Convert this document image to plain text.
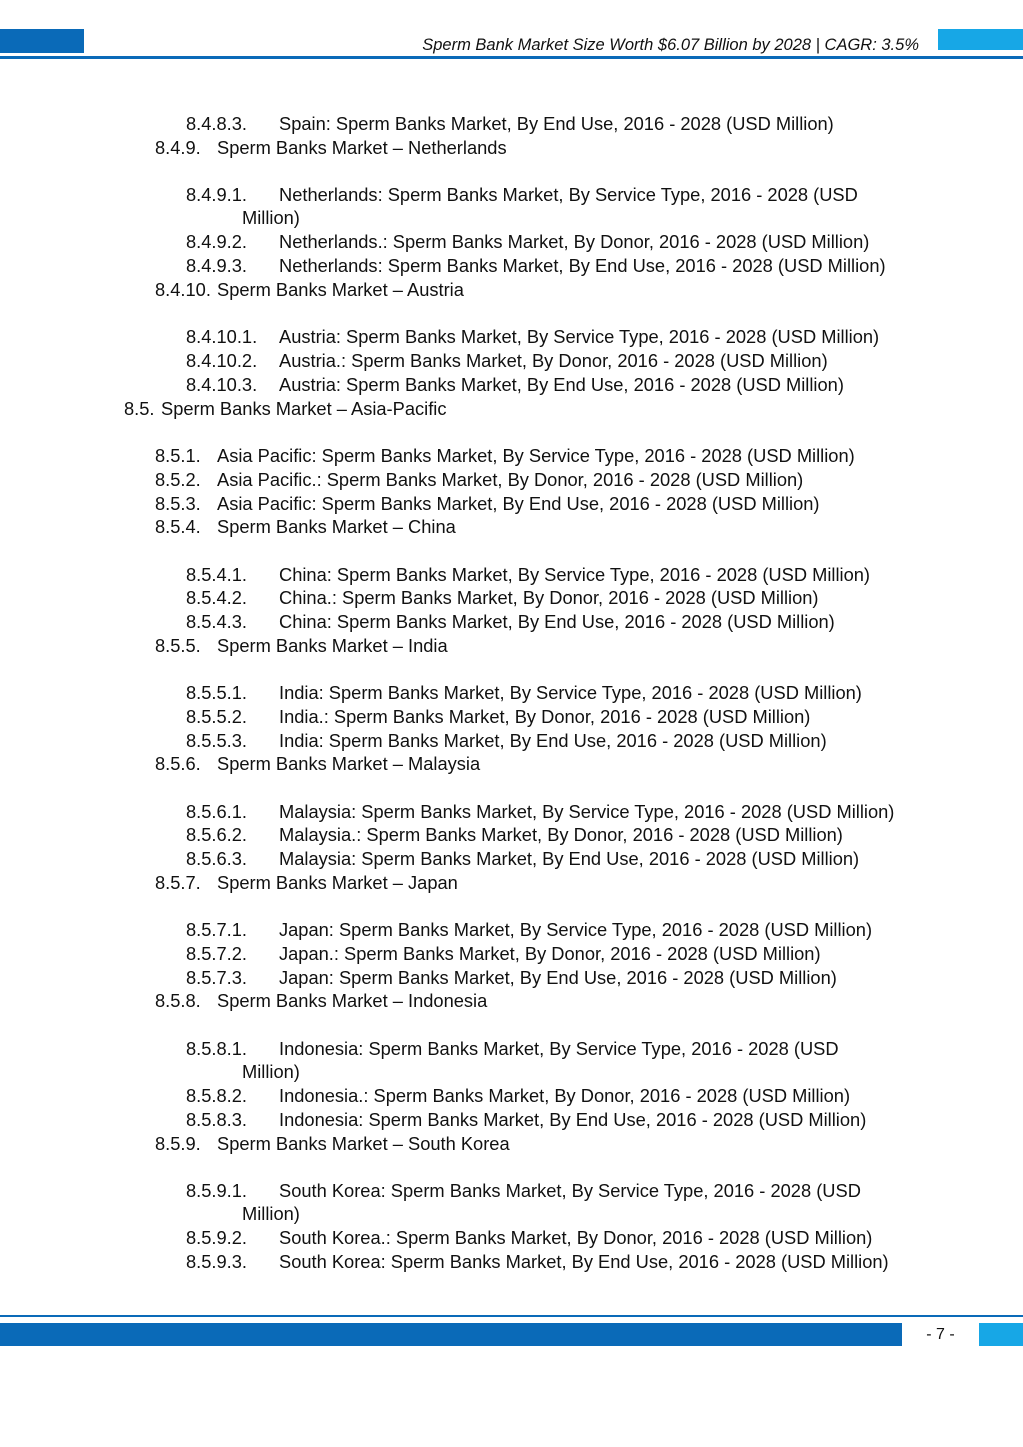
Sperm Bank Market Size Worth $6.07 Billion by 2028 | CAGR: 3.5%
8.4.8.3. Spain: Sperm Banks Market, By End Use, 2016 - 2028 (USD Million)
8.4.9. Sperm Banks Market – Netherlands
8.4.9.1. Netherlands: Sperm Banks Market, By Service Type, 2016 - 2028 (USD
Million)
8.4.9.2. Netherlands.: Sperm Banks Market, By Donor, 2016 - 2028 (USD Million)
8.4.9.3. Netherlands: Sperm Banks Market, By End Use, 2016 - 2028 (USD Million)
8.4.10. Sperm Banks Market – Austria
8.4.10.1. Austria: Sperm Banks Market, By Service Type, 2016 - 2028 (USD Million)
8.4.10.2. Austria.: Sperm Banks Market, By Donor, 2016 - 2028 (USD Million)
8.4.10.3. Austria: Sperm Banks Market, By End Use, 2016 - 2028 (USD Million)
8.5. Sperm Banks Market – Asia-Pacific
8.5.1. Asia Pacific: Sperm Banks Market, By Service Type, 2016 - 2028 (USD Million)
8.5.2. Asia Pacific.: Sperm Banks Market, By Donor, 2016 - 2028 (USD Million)
8.5.3. Asia Pacific: Sperm Banks Market, By End Use, 2016 - 2028 (USD Million)
8.5.4. Sperm Banks Market – China
8.5.4.1. China: Sperm Banks Market, By Service Type, 2016 - 2028 (USD Million)
8.5.4.2. China.: Sperm Banks Market, By Donor, 2016 - 2028 (USD Million)
8.5.4.3. China: Sperm Banks Market, By End Use, 2016 - 2028 (USD Million)
8.5.5. Sperm Banks Market – India
8.5.5.1. India: Sperm Banks Market, By Service Type, 2016 - 2028 (USD Million)
8.5.5.2. India.: Sperm Banks Market, By Donor, 2016 - 2028 (USD Million)
8.5.5.3. India: Sperm Banks Market, By End Use, 2016 - 2028 (USD Million)
8.5.6. Sperm Banks Market – Malaysia
8.5.6.1. Malaysia: Sperm Banks Market, By Service Type, 2016 - 2028 (USD Million)
8.5.6.2. Malaysia.: Sperm Banks Market, By Donor, 2016 - 2028 (USD Million)
8.5.6.3. Malaysia: Sperm Banks Market, By End Use, 2016 - 2028 (USD Million)
8.5.7. Sperm Banks Market – Japan
8.5.7.1. Japan: Sperm Banks Market, By Service Type, 2016 - 2028 (USD Million)
8.5.7.2. Japan.: Sperm Banks Market, By Donor, 2016 - 2028 (USD Million)
8.5.7.3. Japan: Sperm Banks Market, By End Use, 2016 - 2028 (USD Million)
8.5.8. Sperm Banks Market – Indonesia
8.5.8.1. Indonesia: Sperm Banks Market, By Service Type, 2016 - 2028 (USD
Million)
8.5.8.2. Indonesia.: Sperm Banks Market, By Donor, 2016 - 2028 (USD Million)
8.5.8.3. Indonesia: Sperm Banks Market, By End Use, 2016 - 2028 (USD Million)
8.5.9. Sperm Banks Market – South Korea
8.5.9.1. South Korea: Sperm Banks Market, By Service Type, 2016 - 2028 (USD
Million)
8.5.9.2. South Korea.: Sperm Banks Market, By Donor, 2016 - 2028 (USD Million)
8.5.9.3. South Korea: Sperm Banks Market, By End Use, 2016 - 2028 (USD Million)
- 7 -
